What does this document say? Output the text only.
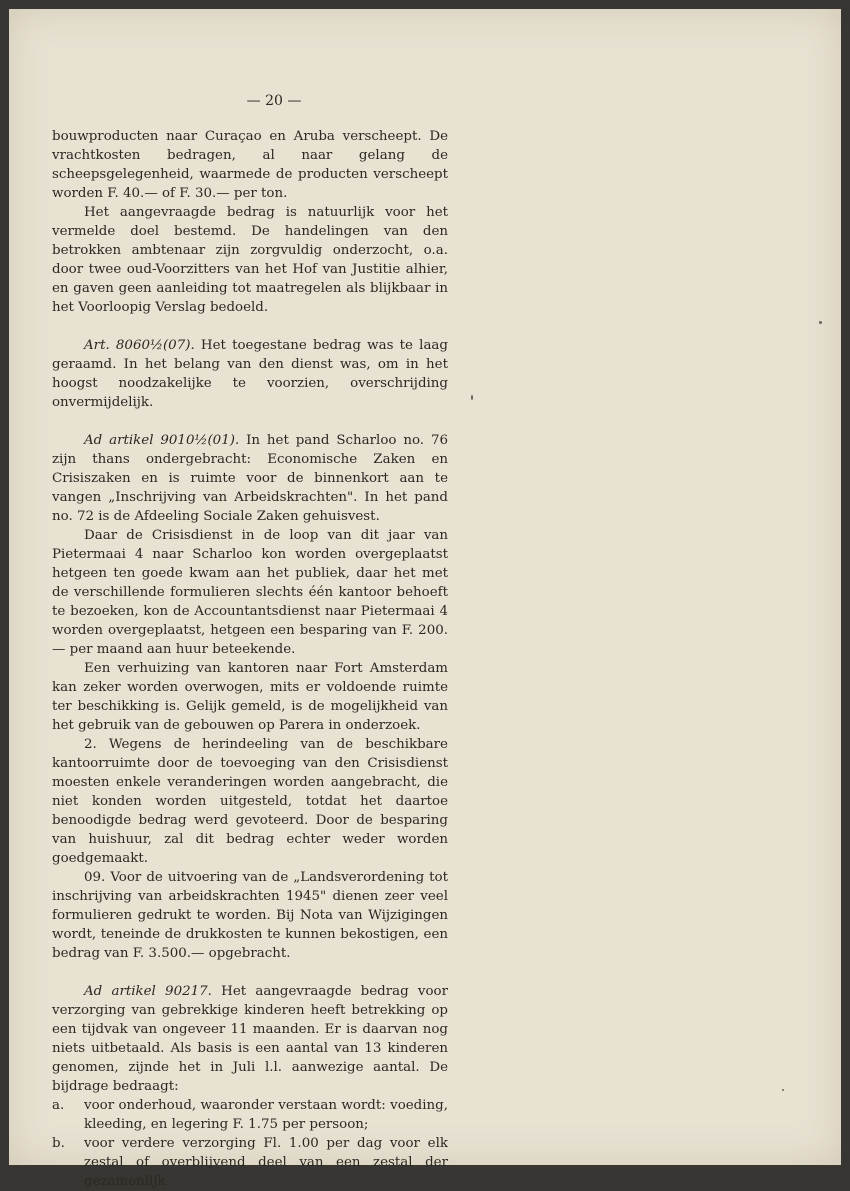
— 20 —

bouwproducten naar Curaçao en Aruba verscheept. De vrachtkosten bedragen, al naar gelang de scheepsgelegenheid, waarmede de producten verscheept worden F. 40.— of F. 30.— per ton.

Het aangevraagde bedrag is natuurlijk voor het vermelde doel bestemd. De handelingen van den betrokken ambtenaar zijn zorgvuldig onderzocht, o.a. door twee oud-Voorzitters van het Hof van Justitie alhier, en gaven geen aanleiding tot maatregelen als blijkbaar in het Voorloopig Verslag bedoeld.

Art. 8060½(07). Het toegestane bedrag was te laag geraamd. In het belang van den dienst was, om in het hoogst noodzakelijke te voorzien, overschrijding onvermijdelijk.

Ad artikel 9010½(01). In het pand Scharloo no. 76 zijn thans ondergebracht: Economische Zaken en Crisiszaken en is ruimte voor de binnenkort aan te vangen „Inschrijving van Arbeidskrachten". In het pand no. 72 is de Afdeeling Sociale Zaken gehuisvest.

Daar de Crisisdienst in de loop van dit jaar van Pietermaai 4 naar Scharloo kon worden overgeplaatst hetgeen ten goede kwam aan het publiek, daar het met de verschillende formulieren slechts één kantoor behoeft te bezoeken, kon de Accountantsdienst naar Pietermaai 4 worden overgeplaatst, hetgeen een besparing van F. 200.— per maand aan huur beteekende.

Een verhuizing van kantoren naar Fort Amsterdam kan zeker worden overwogen, mits er voldoende ruimte ter beschikking is. Gelijk gemeld, is de mogelijkheid van het gebruik van de gebouwen op Parera in onderzoek.

2. Wegens de herindeeling van de beschikbare kantoorruimte door de toevoeging van den Crisisdienst moesten enkele veranderingen worden aangebracht, die niet konden worden uitgesteld, totdat het daartoe benoodigde bedrag werd gevoteerd. Door de besparing van huishuur, zal dit bedrag echter weder worden goedgemaakt.

09. Voor de uitvoering van de „Landsverordening tot inschrijving van arbeidskrachten 1945" dienen zeer veel formulieren gedrukt te worden. Bij Nota van Wijzigingen wordt, teneinde de drukkosten te kunnen bekostigen, een bedrag van F. 3.500.— opgebracht.

Ad artikel 90217. Het aangevraagde bedrag voor verzorging van gebrekkige kinderen heeft betrekking op een tijdvak van ongeveer 11 maanden. Er is daarvan nog niets uitbetaald. Als basis is een aantal van 13 kinderen genomen, zijnde het in Juli l.l. aanwezige aantal. De bijdrage bedraagt:

a. voor onderhoud, waaronder verstaan wordt: voeding, kleeding, en legering F. 1.75 per persoon;
b. voor verdere verzorging Fl. 1.00 per dag voor elk zestal of overblijvend deel van een zestal der gezamenlijk
